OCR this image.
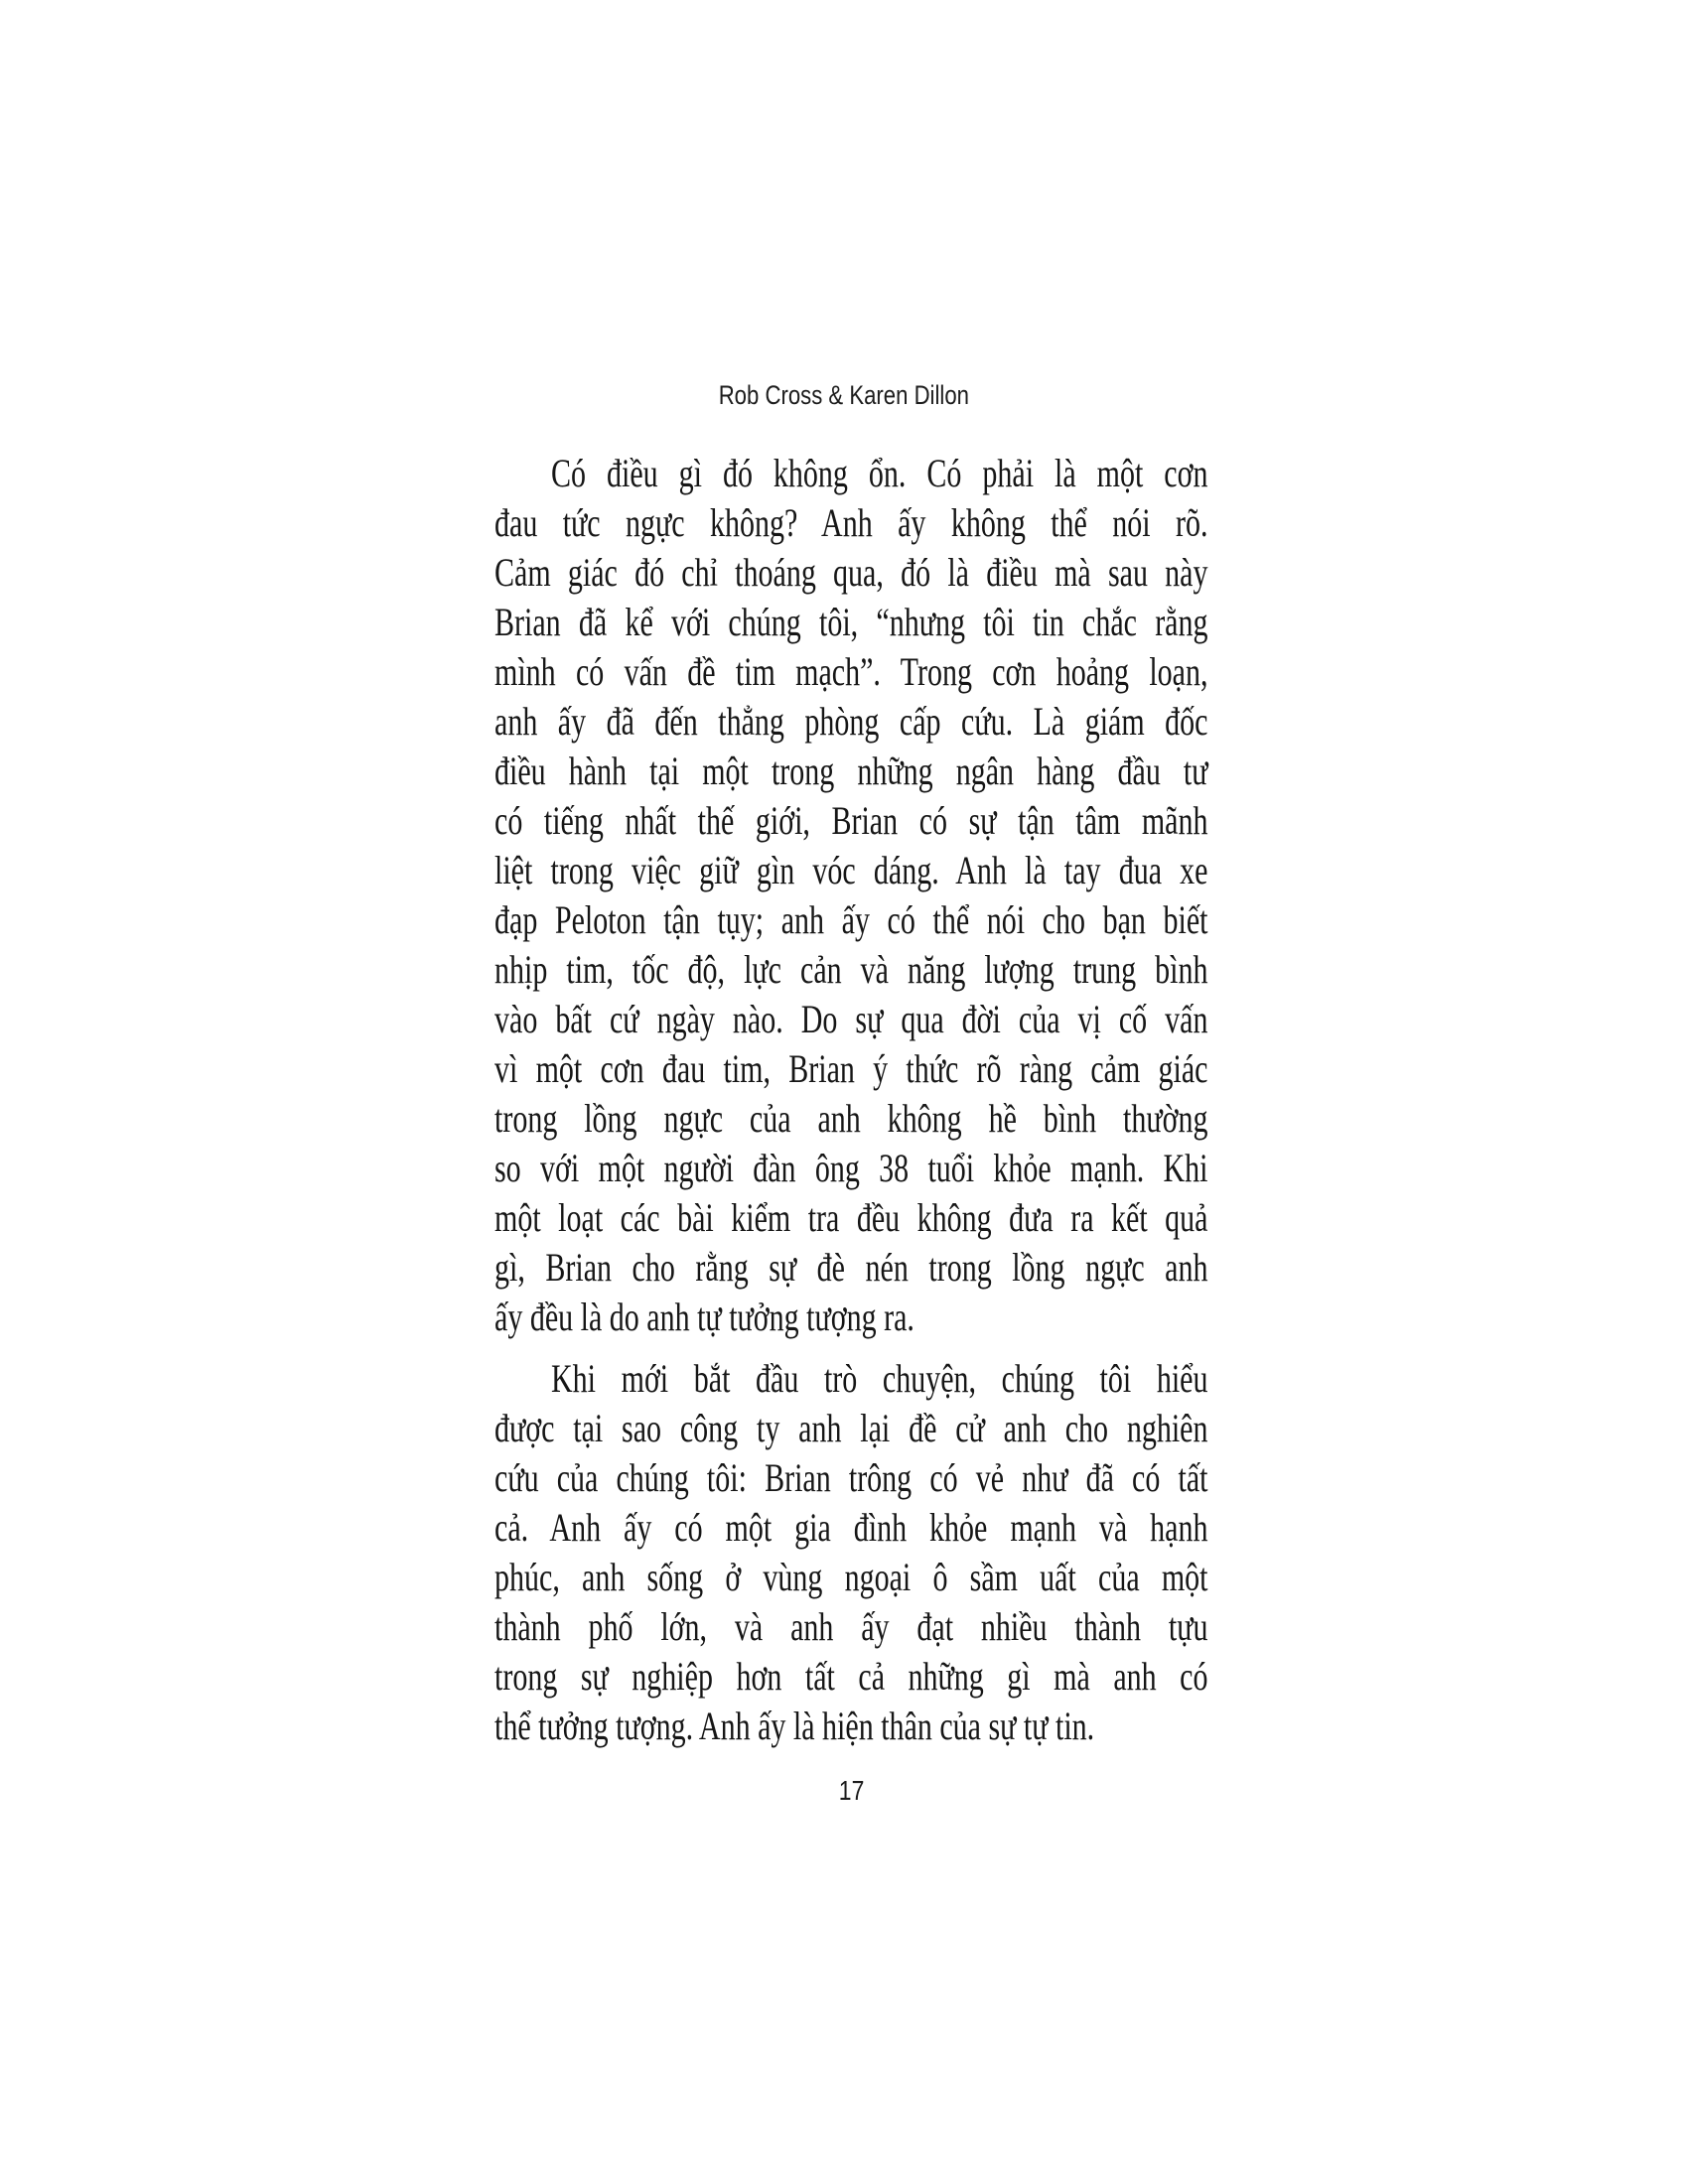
Rob Cross & Karen Dillon
Có điều gì đó không ổn. Có phải là một cơn
đau tức ngực không? Anh ấy không thể nói rõ.
Cảm giác đó chỉ thoáng qua, đó là điều mà sau này
Brian đã kể với chúng tôi, “nhưng tôi tin chắc rằng
mình có vấn đề tim mạch”. Trong cơn hoảng loạn,
anh ấy đã đến thẳng phòng cấp cứu. Là giám đốc
điều hành tại một trong những ngân hàng đầu tư
có tiếng nhất thế giới, Brian có sự tận tâm mãnh
liệt trong việc giữ gìn vóc dáng. Anh là tay đua xe
đạp Peloton tận tụy; anh ấy có thể nói cho bạn biết
nhịp tim, tốc độ, lực cản và năng lượng trung bình
vào bất cứ ngày nào. Do sự qua đời của vị cố vấn
vì một cơn đau tim, Brian ý thức rõ ràng cảm giác
trong lồng ngực của anh không hề bình thường
so với một người đàn ông 38 tuổi khỏe mạnh. Khi
một loạt các bài kiểm tra đều không đưa ra kết quả
gì, Brian cho rằng sự đè nén trong lồng ngực anh
ấy đều là do anh tự tưởng tượng ra.
Khi mới bắt đầu trò chuyện, chúng tôi hiểu
được tại sao công ty anh lại đề cử anh cho nghiên
cứu của chúng tôi: Brian trông có vẻ như đã có tất
cả. Anh ấy có một gia đình khỏe mạnh và hạnh
phúc, anh sống ở vùng ngoại ô sầm uất của một
thành phố lớn, và anh ấy đạt nhiều thành tựu
trong sự nghiệp hơn tất cả những gì mà anh có
thể tưởng tượng. Anh ấy là hiện thân của sự tự tin.
17
